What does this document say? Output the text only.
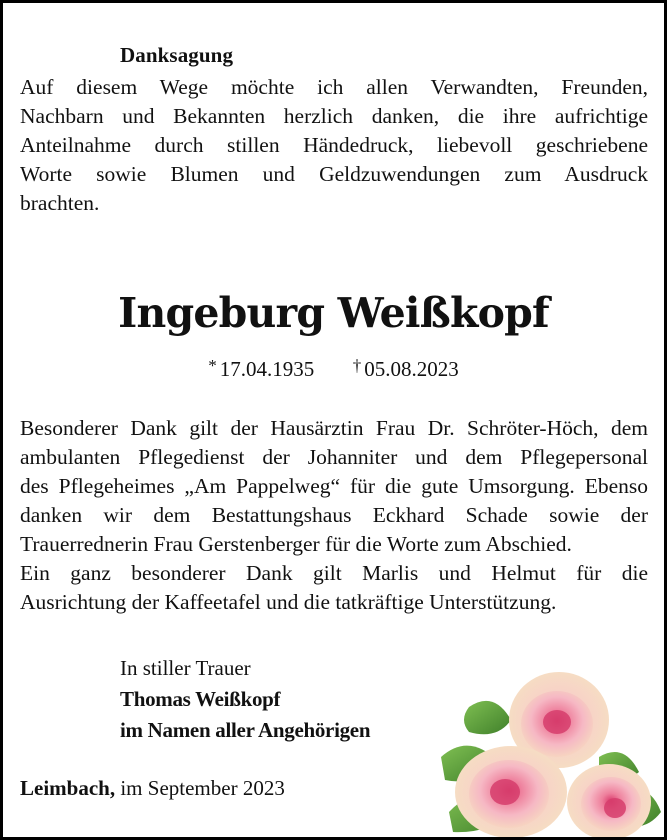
Danksagung

Auf diesem Wege möchte ich allen Verwandten, Freunden,
Nachbarn und Bekannten herzlich danken, die ihre aufrichtige
Anteilnahme durch stillen Händedruck, liebevoll geschriebene
Worte sowie Blumen und Geldzuwendungen zum Ausdruck
brachten.

Ingeburg Weißkopf
* 17.04.1935 † 05.08.2023

Besonderer Dank gilt der Hausärztin Frau Dr. Schröter-Höch, dem
ambulanten Pflegedienst der Johanniter und dem Pflegepersonal
des Pflegeheimes „Am Pappelweg“ für die gute Umsorgung. Ebenso
danken wir dem Bestattungshaus Eckhard Schade sowie der
Trauerrednerin Frau Gerstenberger für die Worte zum Abschied.
Ein ganz besonderer Dank gilt Marlis und Helmut für die
Ausrichtung der Kaffeetafel und die tatkräftige Unterstützung.

In stiller Trauer
Thomas Weißkopf
im Namen aller Angehörigen
Leimbach, im September 2023
